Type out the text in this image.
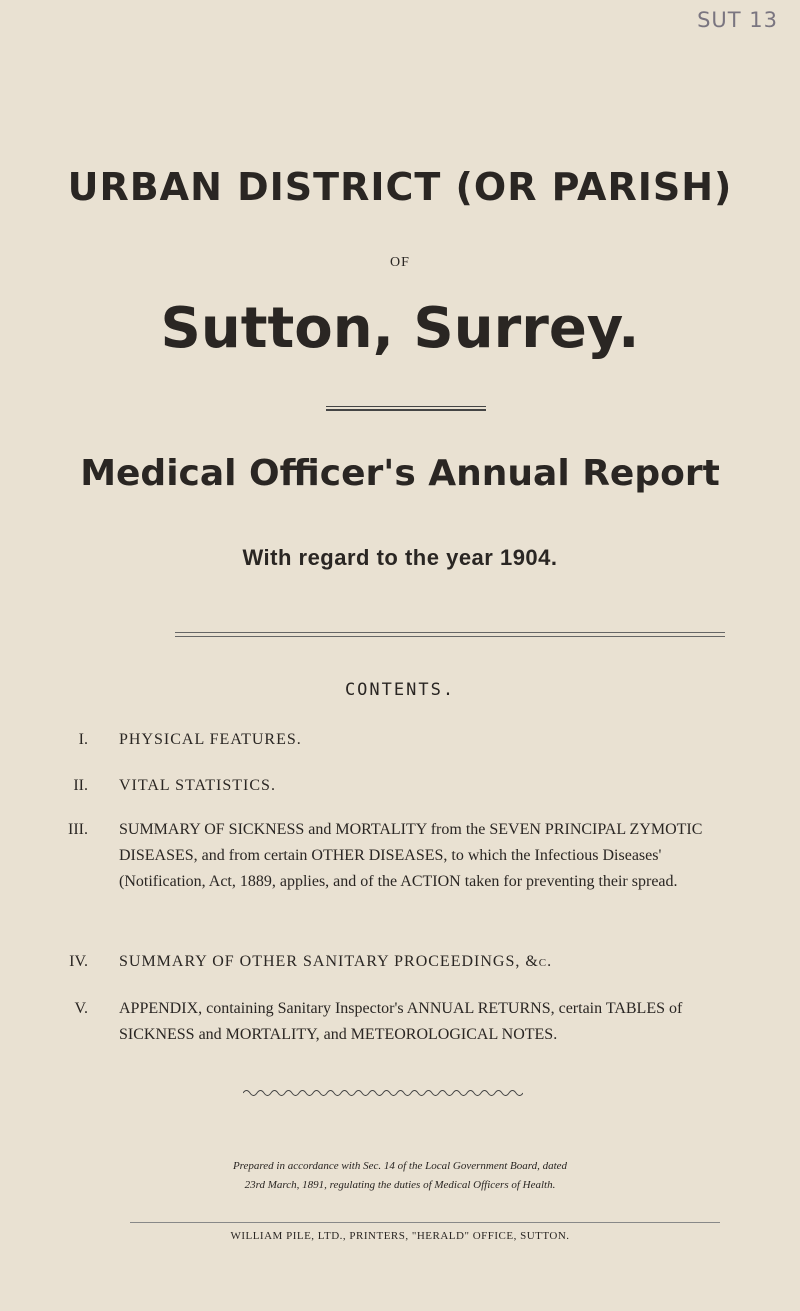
SUT 13
URBAN DISTRICT (OR PARISH)
OF
Sutton, Surrey.
Medical Officer's Annual Report
With regard to the year 1904.
CONTENTS.
I. PHYSICAL FEATURES.
II. VITAL STATISTICS.
III.	SUMMARY OF SICKNESS and MORTALITY from the SEVEN PRINCIPAL ZYMOTIC DISEASES, and from certain OTHER DISEASES, to which the Infectious Diseases' (Notification, Act, 1889, applies, and of the ACTION taken for preventing their spread.
IV. SUMMARY OF OTHER SANITARY PROCEEDINGS, &c.
V. APPENDIX, containing Sanitary Inspector's ANNUAL RETURNS, certain TABLES of SICKNESS and MORTALITY, and METEOROLOGICAL NOTES.
Prepared in accordance with Sec. 14 of the Local Government Board, dated
23rd March, 1891, regulating the duties of Medical Officers of Health.
WILLIAM PILE, LTD., PRINTERS, "HERALD" OFFICE, SUTTON.
